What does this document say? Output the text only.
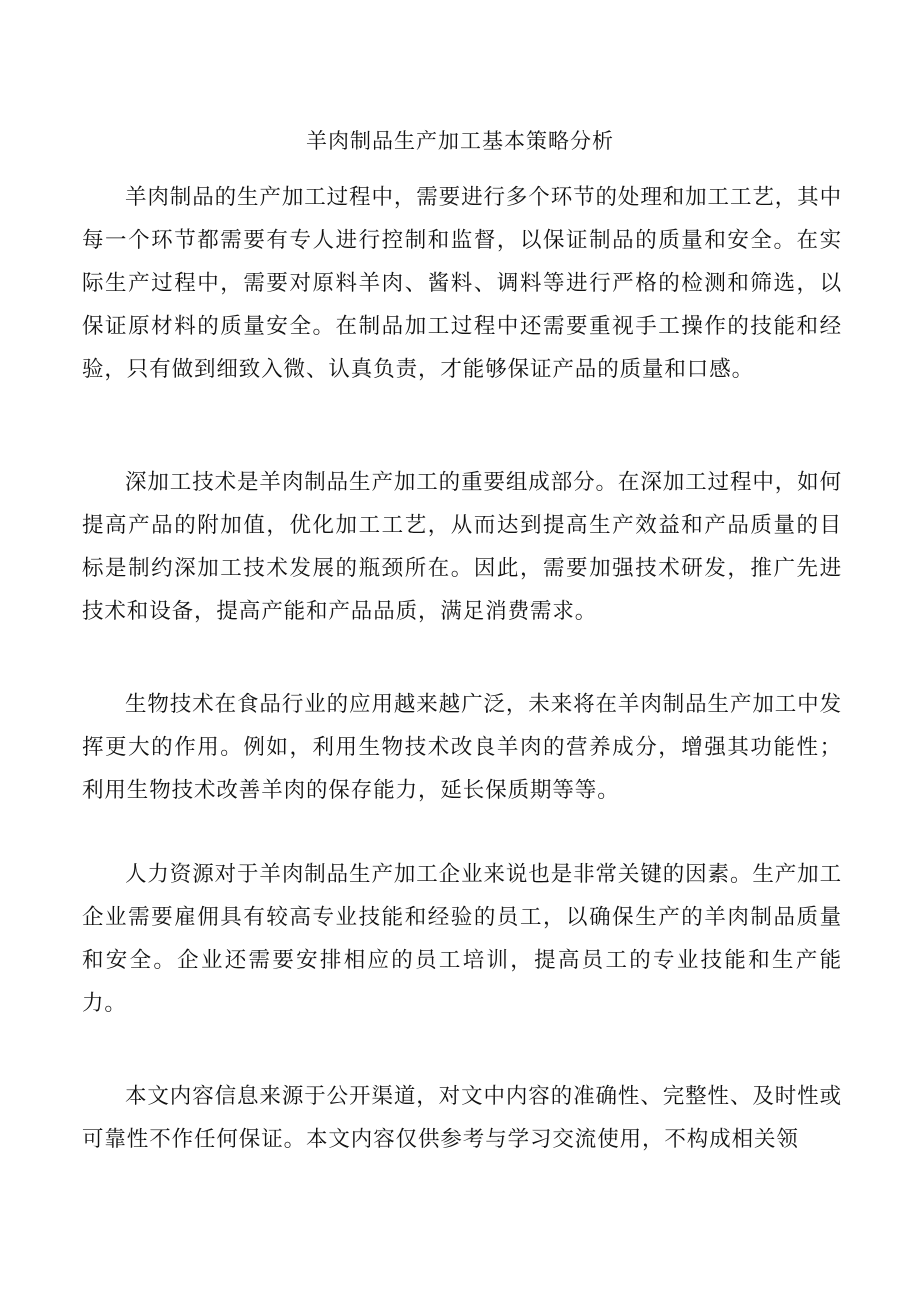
羊肉制品生产加工基本策略分析

羊肉制品的生产加工过程中，需要进行多个环节的处理和加工工艺，其中每一个环节都需要有专人进行控制和监督，以保证制品的质量和安全。在实际生产过程中，需要对原料羊肉、酱料、调料等进行严格的检测和筛选，以保证原材料的质量安全。在制品加工过程中还需要重视手工操作的技能和经验，只有做到细致入微、认真负责，才能够保证产品的质量和口感。

深加工技术是羊肉制品生产加工的重要组成部分。在深加工过程中，如何提高产品的附加值，优化加工工艺，从而达到提高生产效益和产品质量的目标是制约深加工技术发展的瓶颈所在。因此，需要加强技术研发，推广先进技术和设备，提高产能和产品品质，满足消费需求。

生物技术在食品行业的应用越来越广泛，未来将在羊肉制品生产加工中发挥更大的作用。例如，利用生物技术改良羊肉的营养成分，增强其功能性；利用生物技术改善羊肉的保存能力，延长保质期等等。

人力资源对于羊肉制品生产加工企业来说也是非常关键的因素。生产加工企业需要雇佣具有较高专业技能和经验的员工，以确保生产的羊肉制品质量和安全。企业还需要安排相应的员工培训，提高员工的专业技能和生产能力。

本文内容信息来源于公开渠道，对文中内容的准确性、完整性、及时性或可靠性不作任何保证。本文内容仅供参考与学习交流使用，不构成相关领
